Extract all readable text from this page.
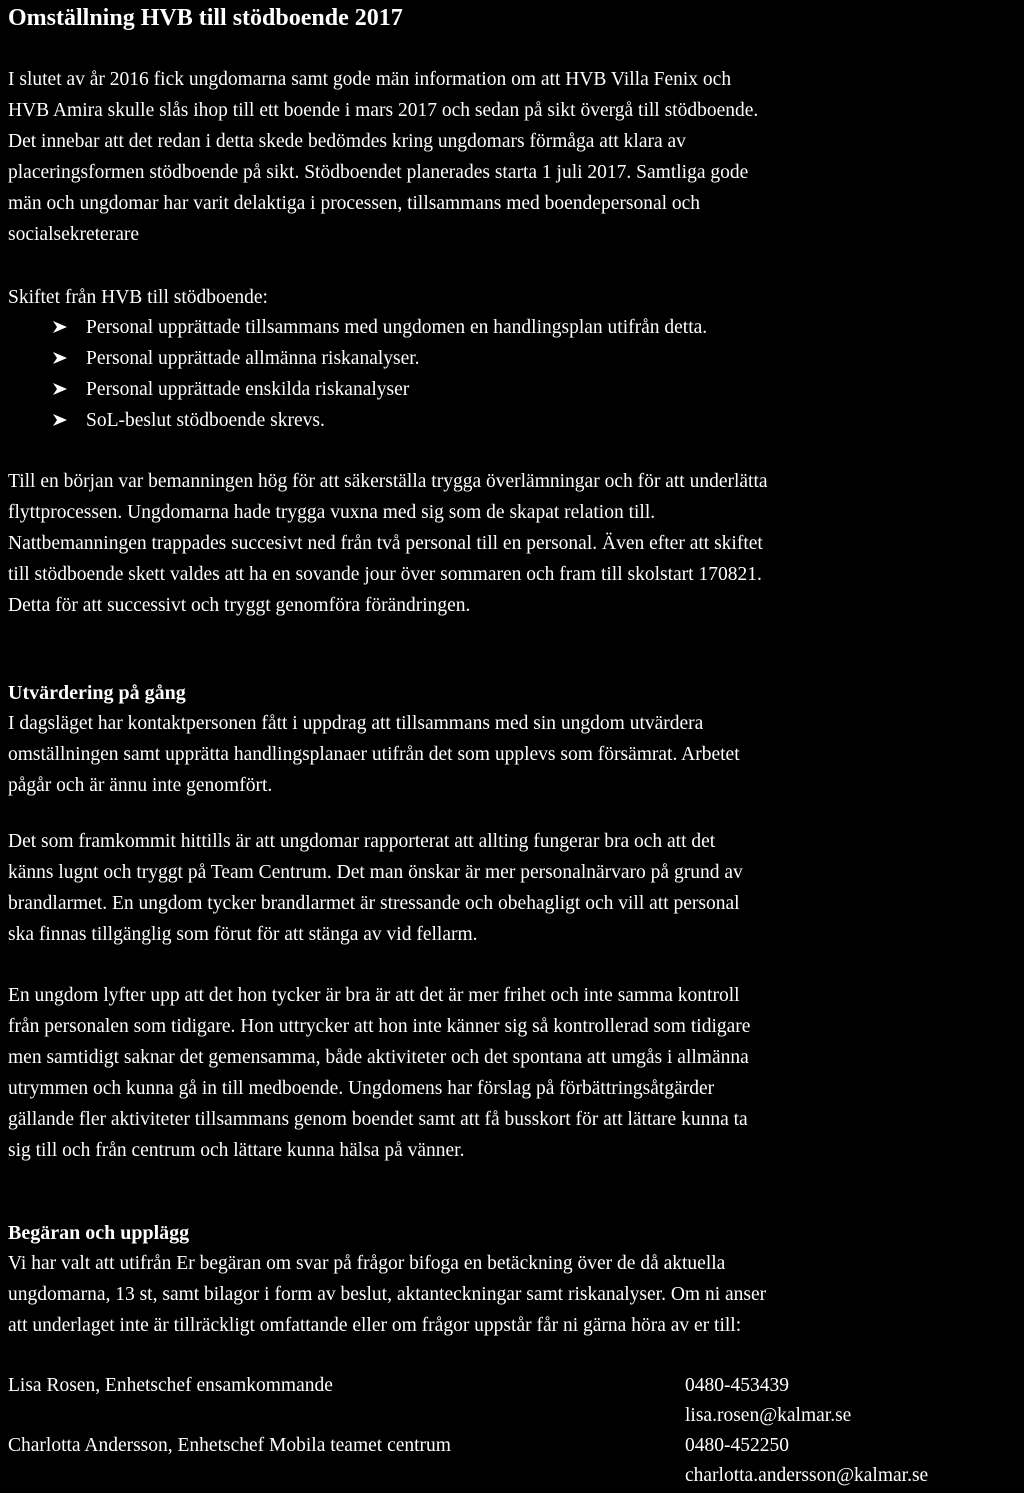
Omställning HVB till stödboende 2017
I slutet av år 2016 fick ungdomarna samt gode män information om att HVB Villa Fenix och
HVB Amira skulle slås ihop till ett boende i mars 2017 och sedan på sikt övergå till stödboende.
Det innebar att det redan i detta skede bedömdes kring ungdomars förmåga att klara av
placeringsformen stödboende på sikt. Stödboendet planerades starta 1 juli 2017. Samtliga gode
män och ungdomar har varit delaktiga i processen, tillsammans med boendepersonal och
socialsekreterare
Skiftet från HVB till stödboende:
Personal upprättade tillsammans med ungdomen en handlingsplan utifrån detta.
Personal upprättade allmänna riskanalyser.
Personal upprättade enskilda riskanalyser
SoL-beslut stödboende skrevs.
Till en början var bemanningen hög för att säkerställa trygga överlämningar och för att underlätta
flyttprocessen. Ungdomarna hade trygga vuxna med sig som de skapat relation till.
Nattbemanningen trappades succesivt ned från två personal till en personal. Även efter att skiftet
till stödboende skett valdes att ha en sovande jour över sommaren och fram till skolstart 170821.
Detta för att successivt och tryggt genomföra förändringen.
Utvärdering på gång
I dagsläget har kontaktpersonen fått i uppdrag att tillsammans med sin ungdom utvärdera
omställningen samt upprätta handlingsplanaer utifrån det som upplevs som försämrat. Arbetet
pågår och är ännu inte genomfört.
Det som framkommit hittills är att ungdomar rapporterat att allting fungerar bra och att det
känns lugnt och tryggt på Team Centrum. Det man önskar är mer personalnärvaro på grund av
brandlarmet. En ungdom tycker brandlarmet är stressande och obehagligt och vill att personal
ska finnas tillgänglig som förut för att stänga av vid fellarm.
En ungdom lyfter upp att det hon tycker är bra är att det är mer frihet och inte samma kontroll
från personalen som tidigare. Hon uttrycker att hon inte känner sig så kontrollerad som tidigare
men samtidigt saknar det gemensamma, både aktiviteter och det spontana att umgås i allmänna
utrymmen och kunna gå in till medboende. Ungdomens har förslag på förbättringsåtgärder
gällande fler aktiviteter tillsammans genom boendet samt att få busskort för att lättare kunna ta
sig till och från centrum och lättare kunna hälsa på vänner.
Begäran och upplägg
Vi har valt att utifrån Er begäran om svar på frågor bifoga en betäckning över de då aktuella
ungdomarna, 13 st, samt bilagor i form av beslut, aktanteckningar samt riskanalyser. Om ni anser
att underlaget inte är tillräckligt omfattande eller om frågor uppstår får ni gärna höra av er till:
Lisa Rosen, Enhetschef ensamkommande	0480-453439
lisa.rosen@kalmar.se
Charlotta Andersson, Enhetschef Mobila teamet centrum	0480-452250
charlotta.andersson@kalmar.se
